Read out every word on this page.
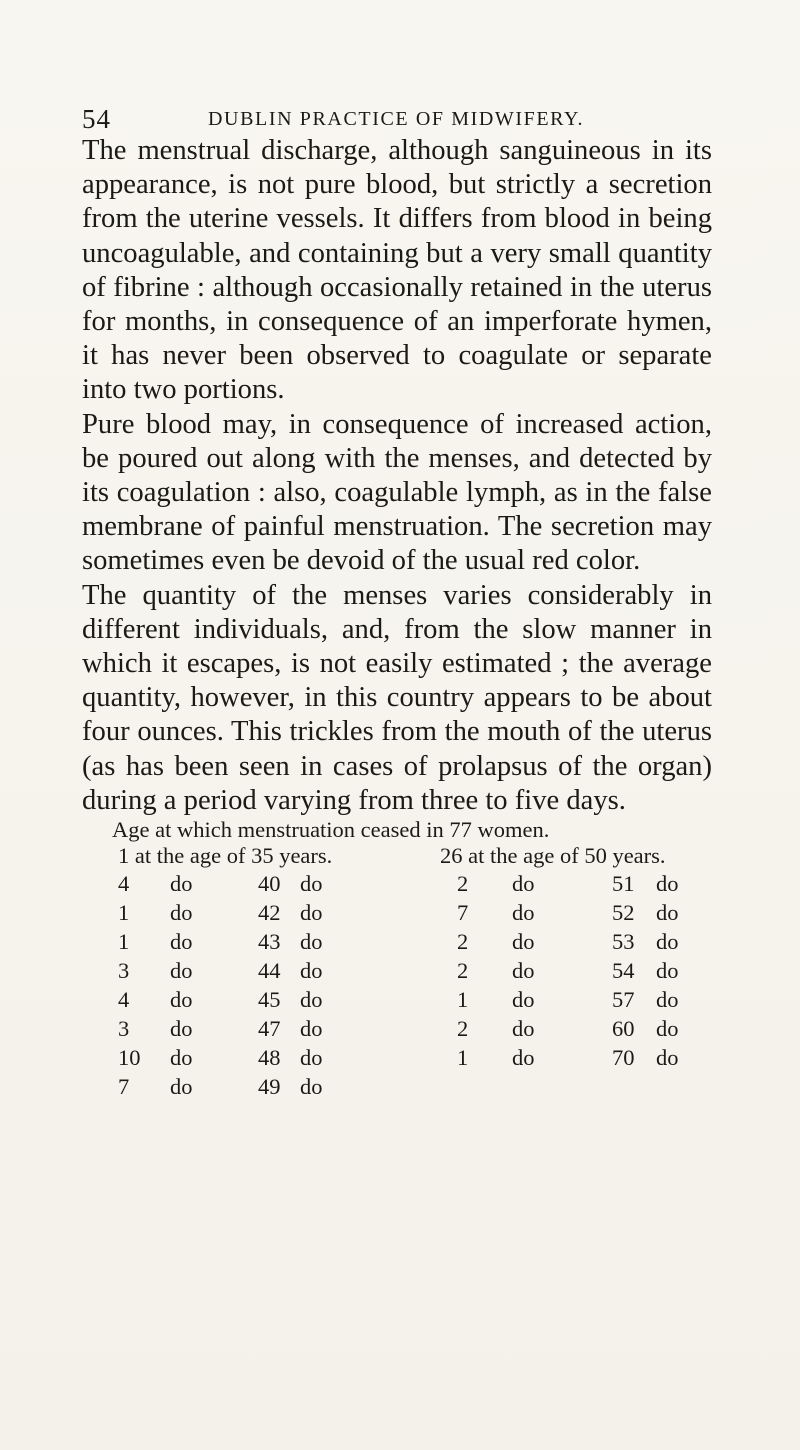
54	DUBLIN PRACTICE OF MIDWIFERY.

The menstrual discharge, although sanguineous in its appearance, is not pure blood, but strictly a secretion from the uterine vessels. It differs from blood in being uncoagulable, and containing but a very small quantity of fibrine : although occasionally retained in the uterus for months, in consequence of an imperforate hymen, it has never been observed to coagulate or separate into two portions.

Pure blood may, in consequence of increased action, be poured out along with the menses, and detected by its coagulation : also, coagulable lymph, as in the false membrane of painful menstruation. The secretion may sometimes even be devoid of the usual red color.

The quantity of the menses varies considerably in different individuals, and, from the slow manner in which it escapes, is not easily estimated ; the average quantity, however, in this country appears to be about four ounces. This trickles from the mouth of the uterus (as has been seen in cases of prolapsus of the organ) during a period varying from three to five days.

Age at which menstruation ceased in 77 women.
1 at the age of 35 years.	26 at the age of 50 years.
4 do	40 do	2 do	51 do
1 do	42 do	7 do	52 do
1 do	43 do	2 do	53 do
3 do	44 do	2 do	54 do
4 do	45 do	1 do	57 do
3 do	47 do	2 do	60 do
10 do	48 do	1 do	70 do
7 do	49 do
